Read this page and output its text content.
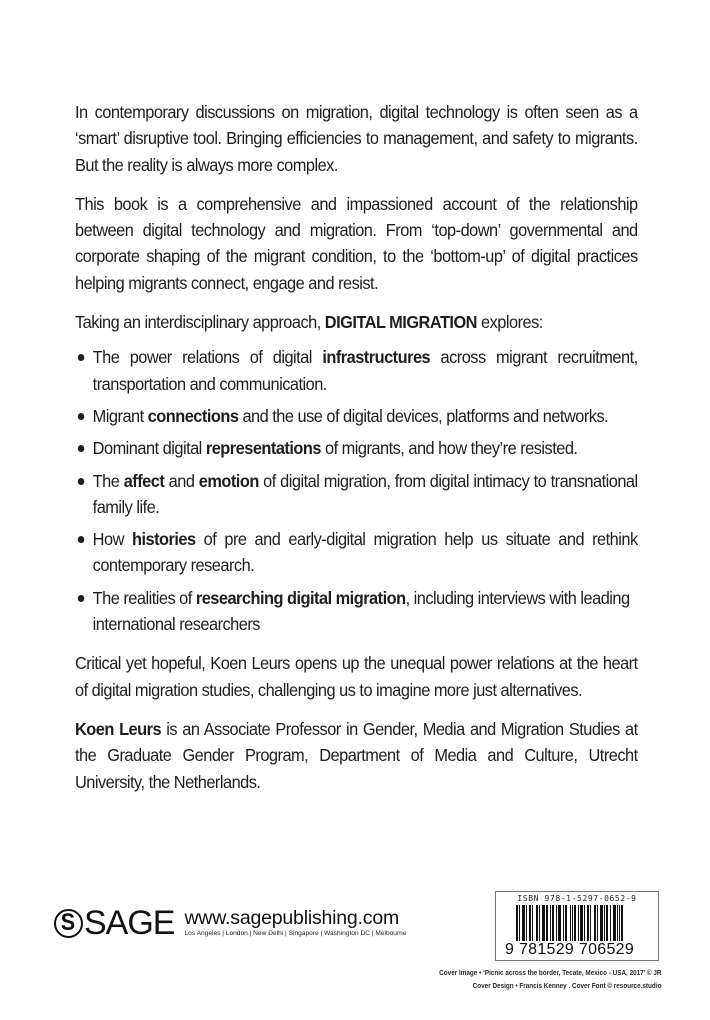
In contemporary discussions on migration, digital technology is often seen as a ‘smart’ disruptive tool. Bringing efficiencies to management, and safety to migrants. But the reality is always more complex.

This book is a comprehensive and impassioned account of the relationship between digital technology and migration. From ‘top-down’ governmental and corporate shaping of the migrant condition, to the ‘bottom-up’ of digital practices helping migrants connect, engage and resist.

Taking an interdisciplinary approach, DIGITAL MIGRATION explores:

The power relations of digital infrastructures across migrant recruitment, transportation and communication.
Migrant connections and the use of digital devices, platforms and networks.
Dominant digital representations of migrants, and how they’re resisted.
The affect and emotion of digital migration, from digital intimacy to transnational family life.
How histories of pre and early-digital migration help us situate and rethink contemporary research.
The realities of researching digital migration, including interviews with leading international researchers

Critical yet hopeful, Koen Leurs opens up the unequal power relations at the heart of digital migration studies, challenging us to imagine more just alternatives.

Koen Leurs is an Associate Professor in Gender, Media and Migration Studies at the Graduate Gender Program, Department of Media and Culture, Utrecht University, the Netherlands.

S SAGE www.sagepublishing.com
Los Angeles | London | New Delhi | Singapore | Washington DC | Melbourne
ISBN 978-1-5297-0652-9
9 781529 706529
Cover Image • ‘Picnic across the border, Tecate, Mexico - USA, 2017’ © JR
Cover Design • Francis Kenney . Cover Font © resource.studio
